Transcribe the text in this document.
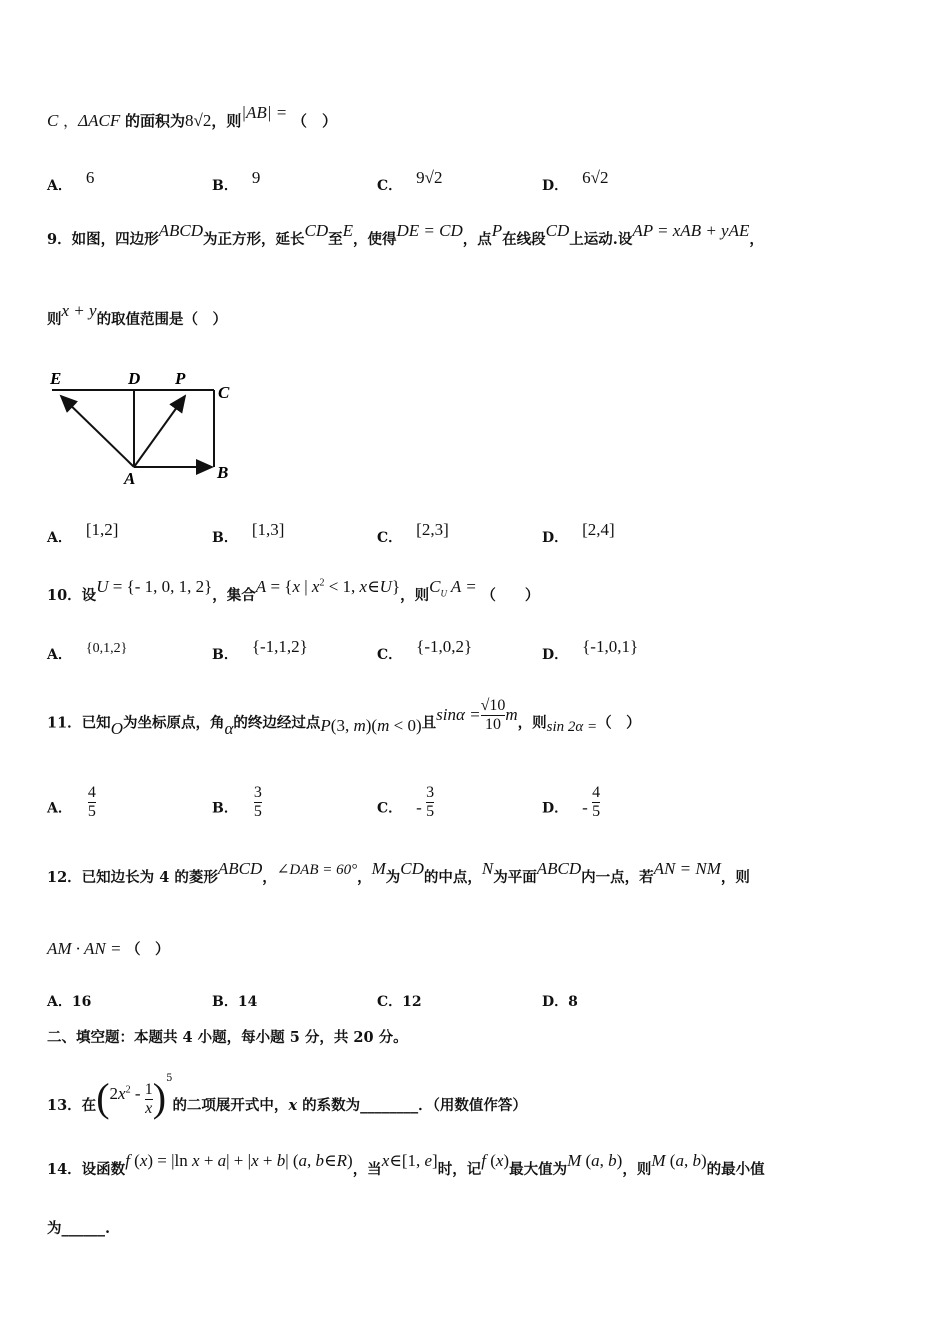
C ，ΔACF 的面积为8√2，则|AB| = （　）
A． 6	B． 9	C． 9√2	D． 6√2
9．如图，四边形ABCD为正方形，延长CD至E，使得DE = CD，点P在线段CD上运动.设AP = xAB + yAE，
则x + y的取值范围是（　）
E	D P
C
A	B
A． [1,2]	B． [1,3]	C． [2,3]	D． [2,4]
10．设U = {- 1, 0, 1, 2}，集合A = {x | $x^2 < 1$, x∈U}，则$C_U$ A = （　　）
A． {0,1,2}	B． {-1,1,2}	C． {-1,0,2}	D． {-1,0,1}
11．已知O为坐标原点，角α的终边经过点P(3, m)(m < 0)且$\sin\alpha = \frac{√10}{10}$ m，则sin 2α =（　）
A． $\frac{4}{5}$	B． $\frac{3}{5}$	C． - $\frac{3}{5}$	D． - $\frac{4}{5}$
12．已知边长为 4 的菱形ABCD，∠DAB = 60°，M为CD的中点，N为平面ABCD内一点，若AN = NM，则
AM · AN = （　）
A．16	B．14	C．12	D．8
二、填空题：本题共 4 小题，每小题 5 分，共 20 分。
13．在$(2x^2 - \frac{1}{x} )^5$的二项展开式中，x 的系数为________．（用数值作答）
14．设函数f (x) = |ln x + a| + |x + b| (a, b∈R)，当x∈[1, e]时，记f (x)最大值为M (a, b)，则M (a, b)的最小值
为______.
